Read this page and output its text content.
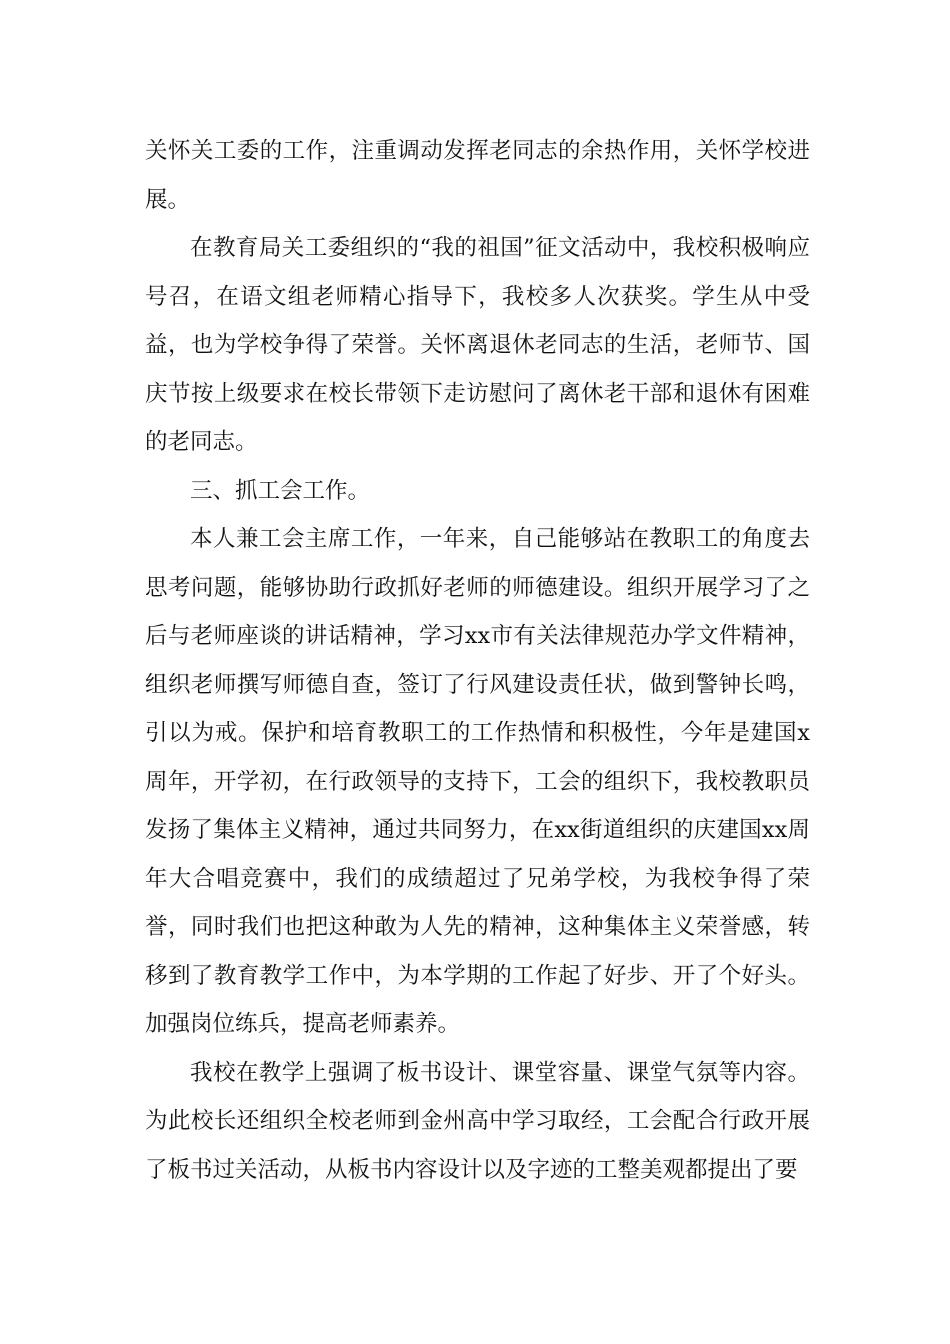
关怀关工委的工作，注重调动发挥老同志的余热作用，关怀学校进展。

在教育局关工委组织的“我的祖国”征文活动中，我校积极响应号召，在语文组老师精心指导下，我校多人次获奖。学生从中受益，也为学校争得了荣誉。关怀离退休老同志的生活，老师节、国庆节按上级要求在校长带领下走访慰问了离休老干部和退休有困难的老同志。

三、抓工会工作。

本人兼工会主席工作，一年来，自己能够站在教职工的角度去思考问题，能够协助行政抓好老师的师德建设。组织开展学习了之后与老师座谈的讲话精神，学习xx市有关法律规范办学文件精神，组织老师撰写师德自查，签订了行风建设责任状，做到警钟长鸣，引以为戒。保护和培育教职工的工作热情和积极性，今年是建国x周年，开学初，在行政领导的支持下，工会的组织下，我校教职员发扬了集体主义精神，通过共同努力，在xx街道组织的庆建国xx周年大合唱竞赛中，我们的成绩超过了兄弟学校，为我校争得了荣誉，同时我们也把这种敢为人先的精神，这种集体主义荣誉感，转移到了教育教学工作中，为本学期的工作起了好步、开了个好头。加强岗位练兵，提高老师素养。

我校在教学上强调了板书设计、课堂容量、课堂气氛等内容。为此校长还组织全校老师到金州高中学习取经，工会配合行政开展了板书过关活动，从板书内容设计以及字迹的工整美观都提出了要
